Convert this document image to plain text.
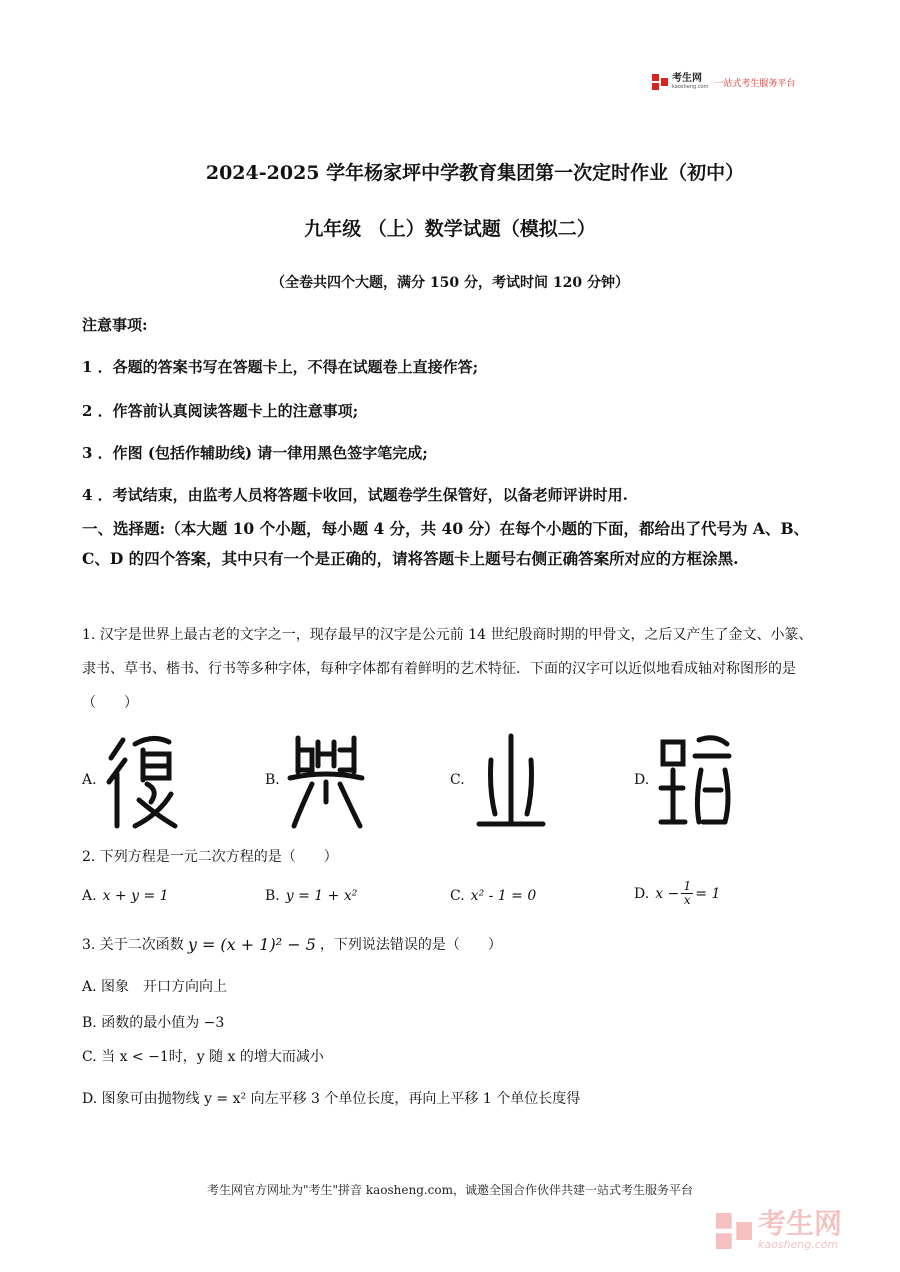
考生网
kaosheng.com 一站式考生服务平台
2024-2025 学年杨家坪中学教育集团第一次定时作业（初中）
九年级 （上）数学试题（模拟二）
（全卷共四个大题，满分 150 分，考试时间 120 分钟）
注意事项:
1 ．各题的答案书写在答题卡上，不得在试题卷上直接作答;
2 ．作答前认真阅读答题卡上的注意事项;
3 ．作图 (包括作辅助线) 请一律用黑色签字笔完成;
4 ．考试结束，由监考人员将答题卡收回，试题卷学生保管好，以备老师评讲时用.
一、选择题:（本大题 10 个小题，每小题 4 分，共 40 分）在每个小题的下面，都给出了代号为 A、B、C、D 的四个答案，其中只有一个是正确的，请将答题卡上题号右侧正确答案所对应的方框涂黑.
1. 汉字是世界上最古老的文字之一，现存最早的汉字是公元前 14 世纪殷商时期的甲骨文，之后又产生了金文、小篆、隶书、草书、楷书、行书等多种字体，每种字体都有着鲜明的艺术特征．下面的汉字可以近似地看成轴对称图形的是（　　）
A.	B.	C.	D.
2. 下列方程是一元二次方程的是（　　）
A. x + y = 1	B. y = 1 + x²	C. x² - 1 = 0	D. $x - \frac{1}{x} = 1$
3. 关于二次函数 y = (x + 1)² − 5 ，下列说法错误的是（　　）
A. 图象　开口方向向上
B. 函数的最小值为 −3
C. 当 x < −1时，y 随 x 的增大而减小
D. 图象可由抛物线 y = x² 向左平移 3 个单位长度，再向上平移 1 个单位长度得
考生网官方网址为"考生"拼音 kaosheng.com，诚邀全国合作伙伴共建一站式考生服务平台
考生网
kaosheng.com
